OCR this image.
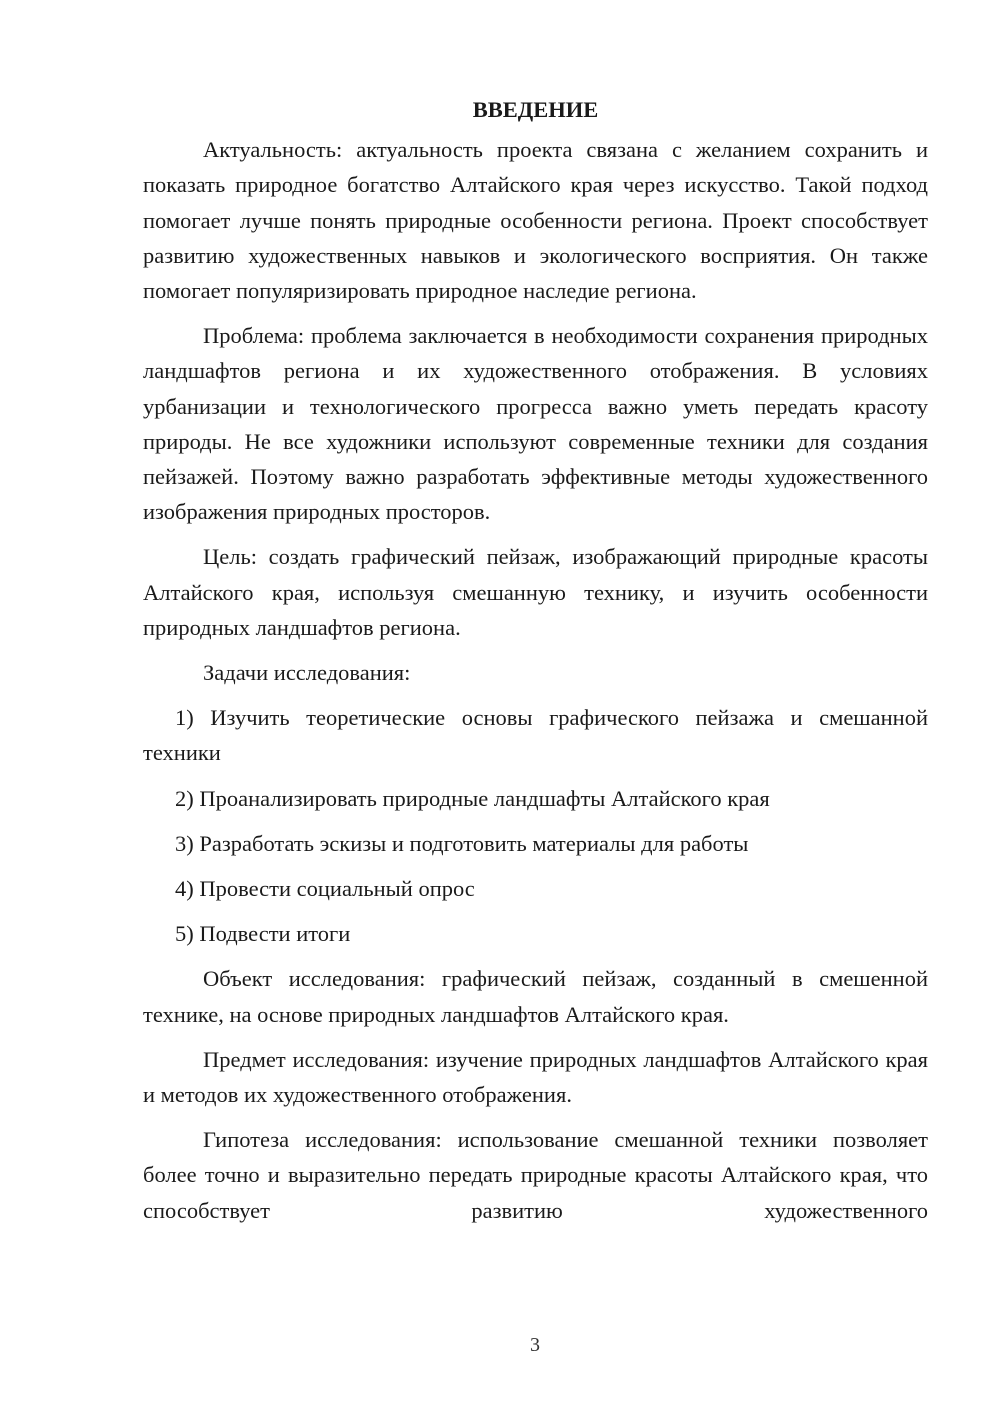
ВВЕДЕНИЕ

Актуальность: актуальность проекта связана с желанием сохранить и показать природное богатство Алтайского края через искусство. Такой подход помогает лучше понять природные особенности региона. Проект способствует развитию художественных навыков и экологического восприятия. Он также помогает популяризировать природное наследие региона.

Проблема: проблема заключается в необходимости сохранения природных ландшафтов региона и их художественного отображения. В условиях урбанизации и технологического прогресса важно уметь передать красоту природы. Не все художники используют современные техники для создания пейзажей. Поэтому важно разработать эффективные методы художественного изображения природных просторов.

Цель: создать графический пейзаж, изображающий природные красоты Алтайского края, используя смешанную технику, и изучить особенности природных ландшафтов региона.

Задачи исследования:

1) Изучить теоретические основы графического пейзажа и смешанной техники

2) Проанализировать природные ландшафты Алтайского края

3) Разработать эскизы и подготовить материалы для работы

4) Провести социальный опрос

5) Подвести итоги

Объект исследования: графический пейзаж, созданный в смешенной технике, на основе природных ландшафтов Алтайского края.

Предмет исследования: изучение природных ландшафтов Алтайского края и методов их художественного отображения.

Гипотеза исследования: использование смешанной техники позволяет более точно и выразительно передать природные красоты Алтайского края, что способствует развитию художественного

3
